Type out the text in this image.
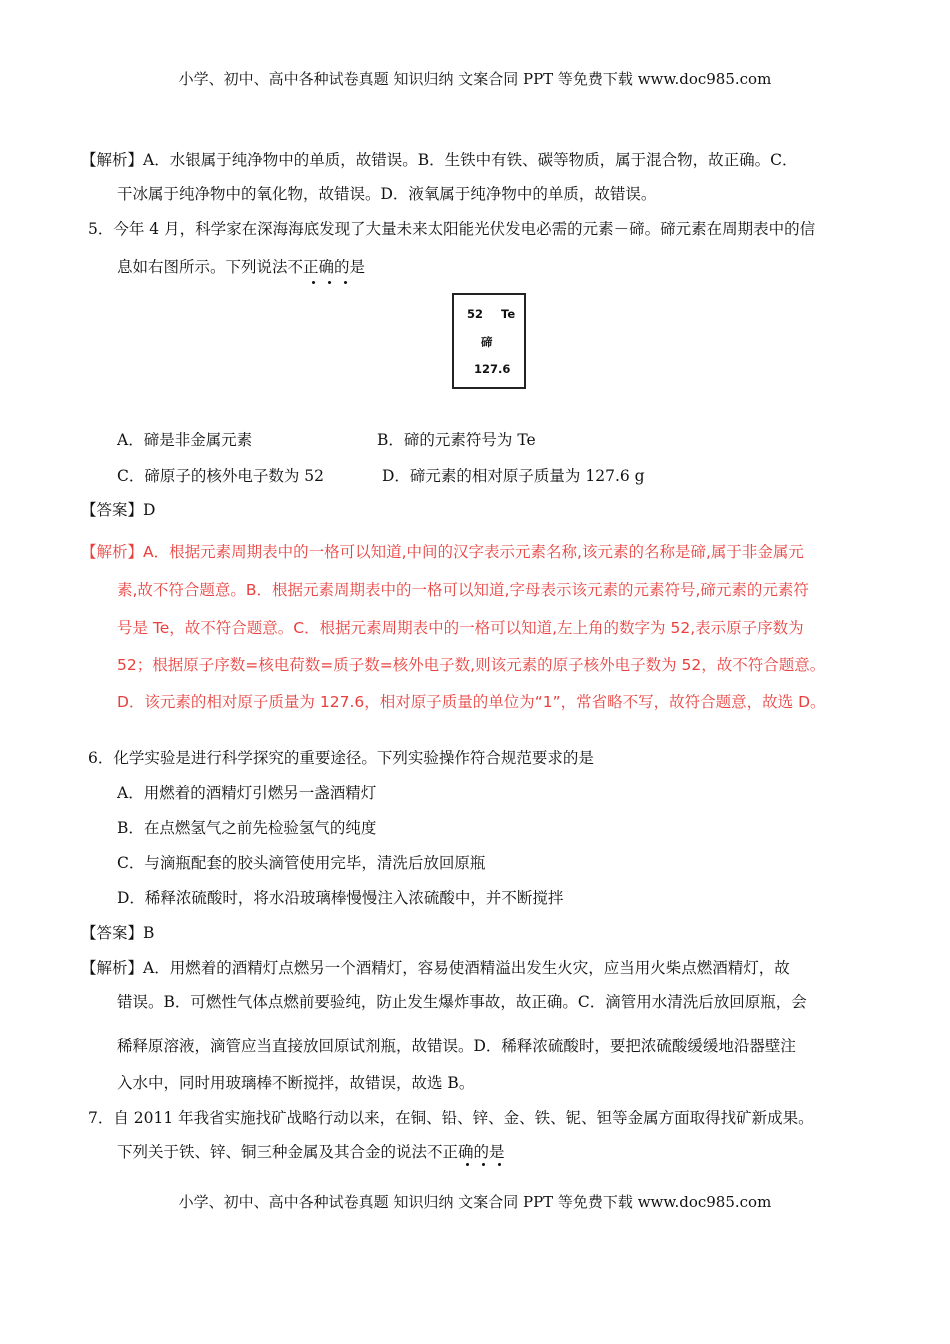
小学、初中、高中各种试卷真题 知识归纳 文案合同 PPT 等免费下载 www.doc985.com
【解析】A．水银属于纯净物中的单质，故错误。B．生铁中有铁、碳等物质，属于混合物，故正确。C．
干冰属于纯净物中的氧化物，故错误。D．液氧属于纯净物中的单质，故错误。
5．今年 4 月，科学家在深海海底发现了大量未来太阳能光伏发电必需的元素－碲。碲元素在周期表中的信
息如右图所示。下列说法不正确的是
52 Te
碲
127.6
A．碲是非金属元素	B．碲的元素符号为 Te
C．碲原子的核外电子数为 52	D．碲元素的相对原子质量为 127.6 g
【答案】D
【解析】A．根据元素周期表中的一格可以知道,中间的汉字表示元素名称,该元素的名称是碲,属于非金属元
素,故不符合题意。B．根据元素周期表中的一格可以知道,字母表示该元素的元素符号,碲元素的元素符
号是 Te，故不符合题意。C．根据元素周期表中的一格可以知道,左上角的数字为 52,表示原子序数为
52；根据原子序数=核电荷数=质子数=核外电子数,则该元素的原子核外电子数为 52，故不符合题意。
D．该元素的相对原子质量为 127.6，相对原子质量的单位为“1”，常省略不写，故符合题意，故选 D。
6．化学实验是进行科学探究的重要途径。下列实验操作符合规范要求的是
A．用燃着的酒精灯引燃另一盏酒精灯
B．在点燃氢气之前先检验氢气的纯度
C．与滴瓶配套的胶头滴管使用完毕，清洗后放回原瓶
D．稀释浓硫酸时，将水沿玻璃棒慢慢注入浓硫酸中，并不断搅拌
【答案】B
【解析】A．用燃着的酒精灯点燃另一个酒精灯，容易使酒精溢出发生火灾，应当用火柴点燃酒精灯，故
错误。B．可燃性气体点燃前要验纯，防止发生爆炸事故，故正确。C．滴管用水清洗后放回原瓶，会
稀释原溶液，滴管应当直接放回原试剂瓶，故错误。D．稀释浓硫酸时，要把浓硫酸缓缓地沿器壁注
入水中，同时用玻璃棒不断搅拌，故错误，故选 B。
7．自 2011 年我省实施找矿战略行动以来，在铜、铅、锌、金、铁、铌、钽等金属方面取得找矿新成果。
下列关于铁、锌、铜三种金属及其合金的说法不正确的是
小学、初中、高中各种试卷真题 知识归纳 文案合同 PPT 等免费下载 www.doc985.com
